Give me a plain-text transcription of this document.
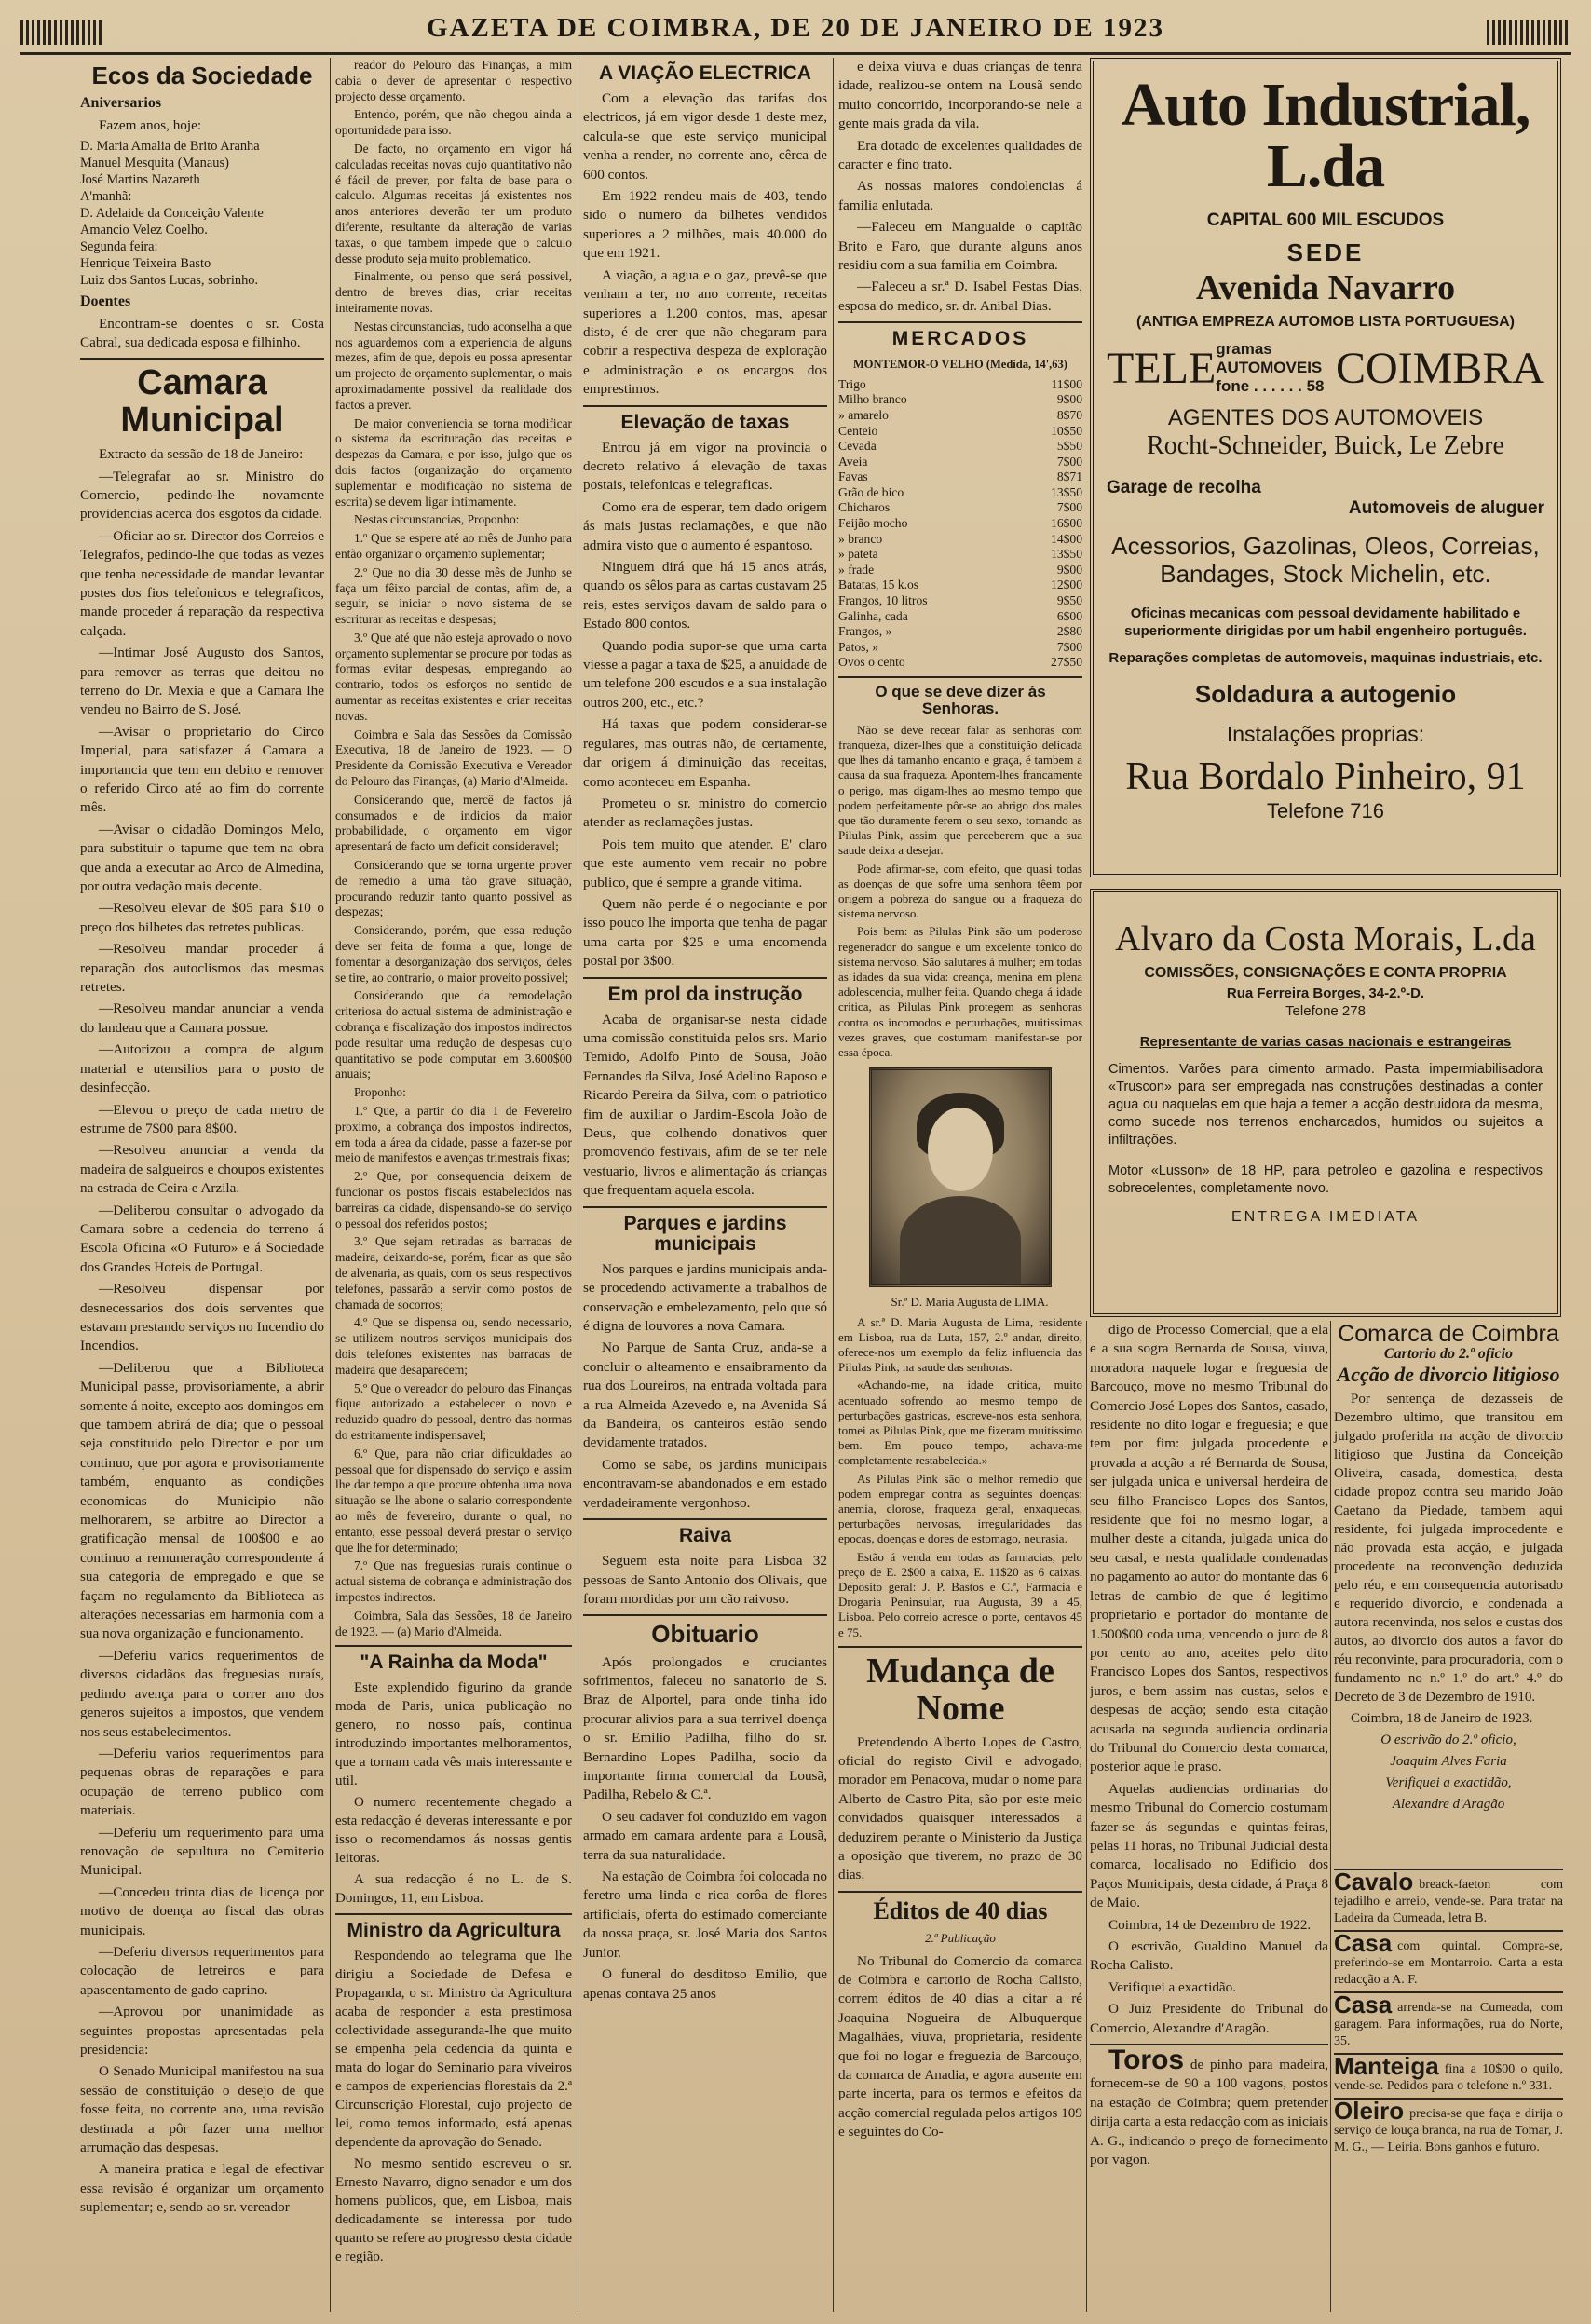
GAZETA DE COIMBRA, DE 20 DE JANEIRO DE 1923
Ecos da Sociedade
Aniversarios

Fazem anos, hoje:

D. Maria Amalia de Brito Aranha
Manuel Mesquita (Manaus)
José Martins Nazareth
A'manhã:
D. Adelaide da Conceição Valente
Amancio Velez Coelho.
Segunda feira:
Henrique Teixeira Basto
Luiz dos Santos Lucas, sobrinho.
Doentes

Encontram-se doentes o sr. Costa Cabral, sua dedicada esposa e filhinho.

Camara Municipal

Extracto da sessão de 18 de Janeiro:

—Telegrafar ao sr. Ministro do Comercio, pedindo-lhe novamente providencias acerca dos esgotos da cidade.

—Oficiar ao sr. Director dos Correios e Telegrafos, pedindo-lhe que todas as vezes que tenha necessidade de mandar levantar postes dos fios telefonicos e telegraficos, mande proceder á reparação da respectiva calçada.

—Intimar José Augusto dos Santos, para remover as terras que deitou no terreno do Dr. Mexia e que a Camara lhe vendeu no Bairro de S. José.

—Avisar o proprietario do Circo Imperial, para satisfazer á Camara a importancia que tem em debito e remover o referido Circo até ao fim do corrente mês.

—Avisar o cidadão Domingos Melo, para substituir o tapume que tem na obra que anda a executar ao Arco de Almedina, por outra vedação mais decente.

—Resolveu elevar de $05 para $10 o preço dos bilhetes das retretes publicas.

—Resolveu mandar proceder á reparação dos autoclismos das mesmas retretes.

—Resolveu mandar anunciar a venda do landeau que a Camara possue.

—Autorizou a compra de algum material e utensilios para o posto de desinfecção.

—Elevou o preço de cada metro de estrume de 7$00 para 8$00.

—Resolveu anunciar a venda da madeira de salgueiros e choupos existentes na estrada de Ceira e Arzila.

—Deliberou consultar o advogado da Camara sobre a cedencia do terreno á Escola Oficina «O Futuro» e á Sociedade dos Grandes Hoteis de Portugal.

—Resolveu dispensar por desnecessarios dos dois serventes que estavam prestando serviços no Incendio do Incendios.

—Deliberou que a Biblioteca Municipal passe, provisoriamente, a abrir somente á noite, excepto aos domingos em que tambem abrirá de dia; que o pessoal seja constituido pelo Director e por um continuo, que por agora e provisoriamente também, enquanto as condições economicas do Municipio não melhorarem, se arbitre ao Director a gratificação mensal de 100$00 e ao continuo a remuneração correspondente á sua categoria de empregado e que se façam no regulamento da Biblioteca as alterações necessarias em harmonia com a sua nova organização e funcionamento.

—Deferiu varios requerimentos de diversos cidadãos das freguesias ruraís, pedindo avença para o correr ano dos generos sujeitos a impostos, que vendem nos seus estabelecimentos.

—Deferiu varios requerimentos para pequenas obras de reparações e para ocupação de terreno publico com materiais.

—Deferiu um requerimento para uma renovação de sepultura no Cemiterio Municipal.

—Concedeu trinta dias de licença por motivo de doença ao fiscal das obras municipais.

—Deferiu diversos requerimentos para colocação de letreiros e para apascentamento de gado caprino.

—Aprovou por unanimidade as seguintes propostas apresentadas pela presidencia:

O Senado Municipal manifestou na sua sessão de constituição o desejo de que fosse feita, no corrente ano, uma revisão destinada a pôr fazer uma melhor arrumação das despesas.

A maneira pratica e legal de efectivar essa revisão é organizar um orçamento suplementar; e, sendo ao sr. vereador

reador do Pelouro das Finanças, a mim cabia o dever de apresentar o respectivo projecto desse orçamento.

Entendo, porém, que não chegou ainda a oportunidade para isso.

De facto, no orçamento em vigor há calculadas receitas novas cujo quantitativo não é fácil de prever, por falta de base para o calculo. Algumas receitas já existentes nos anos anteriores deverão ter um produto diferente, resultante da alteração de varias taxas, o que tambem impede que o calculo desse produto seja muito problematico.

Finalmente, ou penso que será possivel, dentro de breves dias, criar receitas inteiramente novas.

Nestas circunstancias, tudo aconselha a que nos aguardemos com a experiencia de alguns mezes, afim de que, depois eu possa apresentar um projecto de orçamento suplementar, o mais aproximadamente possivel da realidade dos factos a prever.

De maior conveniencia se torna modificar o sistema da escrituração das receitas e despezas da Camara, e por isso, julgo que os dois factos (organização do orçamento suplementar e modificação no sistema de escrita) se devem ligar intimamente.

Nestas circunstancias, Proponho:

1.º Que se espere até ao mês de Junho para então organizar o orçamento suplementar;

2.º Que no dia 30 desse mês de Junho se faça um fêixo parcial de contas, afim de, a seguir, se iniciar o novo sistema de se escriturar as receitas e despesas;

3.º Que até que não esteja aprovado o novo orçamento suplementar se procure por todas as formas evitar despesas, empregando ao contrario, todos os esforços no sentido de aumentar as receitas existentes e criar receitas novas.

Coimbra e Sala das Sessões da Comissão Executiva, 18 de Janeiro de 1923. — O Presidente da Comissão Executiva e Vereador do Pelouro das Finanças, (a) Mario d'Almeida.

Considerando que, mercê de factos já consumados e de indicios da maior probabilidade, o orçamento em vigor apresentará de facto um deficit consideravel;

Considerando que se torna urgente prover de remedio a uma tão grave situação, procurando reduzir tanto quanto possivel as despezas;

Considerando, porém, que essa redução deve ser feita de forma a que, longe de fomentar a desorganização dos serviços, deles se tire, ao contrario, o maior proveito possivel;

Considerando que da remodelação criteriosa do actual sistema de administração e cobrança e fiscalização dos impostos indirectos pode resultar uma redução de despesas cujo quantitativo se pode computar em 3.600$00 anuais;

Proponho:

1.º Que, a partir do dia 1 de Fevereiro proximo, a cobrança dos impostos indirectos, em toda a área da cidade, passe a fazer-se por meio de manifestos e avenças trimestrais fixas;

2.º Que, por consequencia deixem de funcionar os postos fiscais estabelecidos nas barreiras da cidade, dispensando-se do serviço o pessoal dos referidos postos;

3.º Que sejam retiradas as barracas de madeira, deixando-se, porém, ficar as que são de alvenaria, as quais, com os seus respectivos telefones, passarão a servir como postos de chamada de socorros;

4.º Que se dispensa ou, sendo necessario, se utilizem noutros serviços municipais dos dois telefones existentes nas barracas de madeira que desaparecem;

5.º Que o vereador do pelouro das Finanças fique autorizado a estabelecer o novo e reduzido quadro do pessoal, dentro das normas do estritamente indispensavel;

6.º Que, para não criar dificuldades ao pessoal que for dispensado do serviço e assim lhe dar tempo a que procure obtenha uma nova situação se lhe abone o salario correspondente ao mês de fevereiro, durante o qual, no entanto, esse pessoal deverá prestar o serviço que lhe for determinado;

7.º Que nas freguesias rurais continue o actual sistema de cobrança e administração dos impostos indirectos.

Coimbra, Sala das Sessões, 18 de Janeiro de 1923. — (a) Mario d'Almeida.

"A Rainha da Moda"

Este explendido figurino da grande moda de Paris, unica publicação no genero, no nosso país, continua introduzindo importantes melhoramentos, que a tornam cada vês mais interessante e util.

O numero recentemente chegado a esta redacção é deveras interessante e por isso o recomendamos ás nossas gentis leitoras.

A sua redacção é no L. de S. Domingos, 11, em Lisboa.

Ministro da Agricultura

Respondendo ao telegrama que lhe dirigiu a Sociedade de Defesa e Propaganda, o sr. Ministro da Agricultura acaba de responder a esta prestimosa colectividade asseguranda-lhe que muito se empenha pela cedencia da quinta e mata do logar do Seminario para viveiros e campos de experiencias florestais da 2.ª Circunscrição Florestal, cujo projecto de lei, como temos informado, está apenas dependente da aprovação do Senado.

No mesmo sentido escreveu o sr. Ernesto Navarro, digno senador e um dos homens publicos, que, em Lisboa, mais dedicadamente se interessa por tudo quanto se refere ao progresso desta cidade e região.

A VIAÇÃO ELECTRICA

Com a elevação das tarifas dos electricos, já em vigor desde 1 deste mez, calcula-se que este serviço municipal venha a render, no corrente ano, cêrca de 600 contos.

Em 1922 rendeu mais de 403, tendo sido o numero da bilhetes vendidos superiores a 2 milhões, mais 40.000 do que em 1921.

A viação, a agua e o gaz, prevê-se que venham a ter, no ano corrente, receitas superiores a 1.200 contos, mas, apesar disto, é de crer que não chegaram para cobrir a respectiva despeza de exploração e administração e os encargos dos emprestimos.

Elevação de taxas

Entrou já em vigor na provincia o decreto relativo á elevação de taxas postais, telefonicas e telegraficas.

Como era de esperar, tem dado origem ás mais justas reclamações, e que não admira visto que o aumento é espantoso.

Ninguem dirá que há 15 anos atrás, quando os sêlos para as cartas custavam 25 reis, estes serviços davam de saldo para o Estado 800 contos.

Quando podia supor-se que uma carta viesse a pagar a taxa de $25, a anuidade de um telefone 200 escudos e a sua instalação outros 200, etc., etc.?

Há taxas que podem considerar-se regulares, mas outras não, de certamente, dar origem á diminuição das receitas, como aconteceu em Espanha.

Prometeu o sr. ministro do comercio atender as reclamações justas.

Pois tem muito que atender. E' claro que este aumento vem recair no pobre publico, que é sempre a grande vitima.

Quem não perde é o negociante e por isso pouco lhe importa que tenha de pagar uma carta por $25 e uma encomenda postal por 3$00.

Em prol da instrução

Acaba de organisar-se nesta cidade uma comissão constituida pelos srs. Mario Temido, Adolfo Pinto de Sousa, João Fernandes da Silva, José Adelino Raposo e Ricardo Pereira da Silva, com o patriotico fim de auxiliar o Jardim-Escola João de Deus, que colhendo donativos quer promovendo festivais, afim de se ter nele vestuario, livros e alimentação ás crianças que frequentam aquela escola.

Parques e jardins municipais

Nos parques e jardins municipais anda-se procedendo activamente a trabalhos de conservação e embelezamento, pelo que só é digna de louvores a nova Camara.

No Parque de Santa Cruz, anda-se a concluir o alteamento e ensaibramento da rua dos Loureiros, na entrada voltada para a rua Almeida Azevedo e, na Avenida Sá da Bandeira, os canteiros estão sendo devidamente tratados.

Como se sabe, os jardins municipais encontravam-se abandonados e em estado verdadeiramente vergonhoso.

Raiva

Seguem esta noite para Lisboa 32 pessoas de Santo Antonio dos Olivais, que foram mordidas por um cão raivoso.

Obituario

Após prolongados e cruciantes sofrimentos, faleceu no sanatorio de S. Braz de Alportel, para onde tinha ido procurar alivios para a sua terrivel doença o sr. Emilio Padilha, filho do sr. Bernardino Lopes Padilha, socio da importante firma comercial da Lousã, Padilha, Rebelo & C.ª.

O seu cadaver foi conduzido em vagon armado em camara ardente para a Lousã, terra da sua naturalidade.

Na estação de Coimbra foi colocada no feretro uma linda e rica corôa de flores artificiais, oferta do estimado comerciante da nossa praça, sr. José Maria dos Santos Junior.

O funeral do desditoso Emilio, que apenas contava 25 anos

e deixa viuva e duas crianças de tenra idade, realizou-se ontem na Lousã sendo muito concorrido, incorporando-se nele a gente mais grada da vila.

Era dotado de excelentes qualidades de caracter e fino trato.

As nossas maiores condolencias á familia enlutada.

—Faleceu em Mangualde o capitão Brito e Faro, que durante alguns anos residiu com a sua familia em Coimbra.

—Faleceu a sr.ª D. Isabel Festas Dias, esposa do medico, sr. dr. Anibal Dias.

MERCADOS
MONTEMOR-O VELHO (Medida, 14',63)
Trigo	11$00
Milho branco	9$00
» amarelo	8$70
Centeio	10$50
Cevada	5$50
Aveia	7$00
Favas	8$71
Grão de bico	13$50
Chicharos	7$00
Feijão mocho	16$00
» branco	14$00
» pateta	13$50
» frade	9$00
Batatas, 15 k.os	12$00
Frangos, 10 litros	9$50
Galinha, cada	6$00
Frangos, »	2$80
Patos, »	7$00
Ovos o cento	27$50
O que se deve dizer ás Senhoras.

Não se deve recear falar ás senhoras com franqueza, dizer-lhes que a constituição delicada que lhes dá tamanho encanto e graça, é tambem a causa da sua fraqueza. Apontem-lhes francamente o perigo, mas digam-lhes ao mesmo tempo que podem perfeitamente pôr-se ao abrigo dos males que tão duramente ferem o seu sexo, tomando as Pilulas Pink, assim que perceberem que a sua saude deixa a desejar.

Pode afirmar-se, com efeito, que quasi todas as doenças de que sofre uma senhora têem por origem a pobreza do sangue ou a fraqueza do sistema nervoso.

Pois bem: as Pilulas Pink são um poderoso regenerador do sangue e um excelente tonico do sistema nervoso. São salutares á mulher; em todas as idades da sua vida: creança, menina em plena adolescencia, mulher feita. Quando chega á idade critica, as Pilulas Pink protegem as senhoras contra os incomodos e perturbações, muitissimas vezes graves, que costumam manifestar-se por essa época.

Sr.ª D. Maria Augusta de LIMA.

A sr.ª D. Maria Augusta de Lima, residente em Lisboa, rua da Luta, 157, 2.º andar, direito, oferece-nos um exemplo da feliz influencia das Pilulas Pink, na saude das senhoras.

«Achando-me, na idade critica, muito acentuado sofrendo ao mesmo tempo de perturbações gastricas, escreve-nos esta senhora, tomei as Pilulas Pink, que me fizeram muitissimo bem. Em pouco tempo, achava-me completamente restabelecida.»

As Pilulas Pink são o melhor remedio que podem empregar contra as seguintes doenças: anemia, clorose, fraqueza geral, enxaquecas, perturbações nervosas, irregularidades das epocas, doenças e dores de estomago, neurasia.

Estão á venda em todas as farmacias, pelo preço de E. 2$00 a caixa, E. 11$20 as 6 caixas. Deposito geral: J. P. Bastos e C.ª, Farmacia e Drogaria Peninsular, rua Augusta, 39 a 45, Lisboa. Pelo correio acresce o porte, centavos 45 e 75.

Mudança de Nome

Pretendendo Alberto Lopes de Castro, oficial do registo Civil e advogado, morador em Penacova, mudar o nome para Alberto de Castro Pita, são por este meio convidados quaisquer interessados a deduzirem perante o Ministerio da Justiça a oposição que tiverem, no prazo de 30 dias.

Éditos de 40 dias
2.ª Publicação

No Tribunal do Comercio da comarca de Coimbra e cartorio de Rocha Calisto, correm éditos de 40 dias a citar a ré Joaquina Nogueira de Albuquerque Magalhães, viuva, proprietaria, residente que foi no logar e freguezia de Barcouço, da comarca de Anadia, e agora ausente em parte incerta, para os termos e efeitos da acção comercial regulada pelos artigos 109 e seguintes do Co-

digo de Processo Comercial, que a ela e a sua sogra Bernarda de Sousa, viuva, moradora naquele logar e freguesia de Barcouço, move no mesmo Tribunal do Comercio José Lopes dos Santos, casado, residente no dito logar e freguesia; e que tem por fim: julgada procedente e provada a acção a ré Bernarda de Sousa, ser julgada unica e universal herdeira de seu filho Francisco Lopes dos Santos, residente que foi no mesmo logar, a mulher deste a citanda, julgada unica do seu casal, e nesta qualidade condenadas no pagamento ao autor do montante das 6 letras de cambio de que é legitimo proprietario e portador do montante de 1.500$00 coda uma, vencendo o juro de 8 por cento ao ano, aceites pelo dito Francisco Lopes dos Santos, respectivos juros, e bem assim nas custas, selos e despesas de acção; sendo esta citação acusada na segunda audiencia ordinaria do Tribunal do Comercio desta comarca, posterior aque le praso.

Aquelas audiencias ordinarias do mesmo Tribunal do Comercio costumam fazer-se ás segundas e quintas-feiras, pelas 11 horas, no Tribunal Judicial desta comarca, localisado no Edificio dos Paços Municipais, desta cidade, á Praça 8 de Maio.

Coimbra, 14 de Dezembro de 1922.

O escrivão, Gualdino Manuel da Rocha Calisto.

Verifiquei a exactidão.

O Juiz Presidente do Tribunal do Comercio, Alexandre d'Aragão.

Toros de pinho para madeira, fornecem-se de 90 a 100 vagons, postos na estação de Coimbra; quem pretender dirija carta a esta redacção com as iniciais A. G., indicando o preço de fornecimento por vagon.

Auto Industrial, L.da
CAPITAL 600 MIL ESCUDOS
SEDE
Avenida Navarro
(ANTIGA EMPREZA AUTOMOB LISTA PORTUGUESA)
TELE gramas AUTOMOVEIS
fone . . . . . . 58 COIMBRA
AGENTES DOS AUTOMOVEIS
Rocht-Schneider, Buick, Le Zebre
Garage de recolha
Automoveis de aluguer
Acessorios, Gazolinas, Oleos, Correias, Bandages, Stock Michelin, etc.
Oficinas mecanicas com pessoal devidamente habilitado e superiormente dirigidas por um habil engenheiro português.
Reparações completas de automoveis, maquinas industriais, etc.
Soldadura a autogenio
Instalações proprias:
Rua Bordalo Pinheiro, 91
Telefone 716
Alvaro da Costa Morais, L.da
COMISSÕES, CONSIGNAÇÕES E CONTA PROPRIA
Rua Ferreira Borges, 34-2.º-D.
Telefone 278
Representante de varias casas nacionais e estrangeiras
Cimentos. Varões para cimento armado. Pasta impermiabilisadora «Truscon» para ser empregada nas construções destinadas a conter agua ou naquelas em que haja a temer a acção destruidora da mesma, como sucede nos terrenos encharcados, humidos ou sujeitos a infiltrações.
Motor «Lusson» de 18 HP, para petroleo e gazolina e respectivos sobrecelentes, completamente novo.
ENTREGA IMEDIATA
Comarca de Coimbra
Cartorio do 2.º oficio
Acção de divorcio litigioso

Por sentença de dezasseis de Dezembro ultimo, que transitou em julgado proferida na acção de divorcio litigioso que Justina da Conceição Oliveira, casada, domestica, desta cidade propoz contra seu marido João Caetano da Piedade, tambem aqui residente, foi julgada improcedente e não provada esta acção, e julgada procedente na reconvenção deduzida pelo réu, e em consequencia autorisado e requerido divorcio, e condenada a autora recenvinda, nos selos e custas dos autos, ao divorcio dos autos a favor do réu reconvinte, para procuradoria, com o fundamento no n.º 1.º do art.º 4.º do Decreto de 3 de Dezembro de 1910.

Coimbra, 18 de Janeiro de 1923.

O escrivão do 2.º oficio,

Joaquim Alves Faria

Verifiquei a exactidão,

Alexandre d'Aragão

Cavalo breack-faeton com tejadilho e arreio, vende-se. Para tratar na Ladeira da Cumeada, letra B.
Casa com quintal. Compra-se, preferindo-se em Montarroio. Carta a esta redacção a A. F.
Casa arrenda-se na Cumeada, com garagem. Para informações, rua do Norte, 35.
Manteiga fina a 10$00 o quilo, vende-se. Pedidos para o telefone n.º 331.
Oleiro precisa-se que faça e dirija o serviço de louça branca, na rua de Tomar, J. M. G., — Leiria. Bons ganhos e futuro.
